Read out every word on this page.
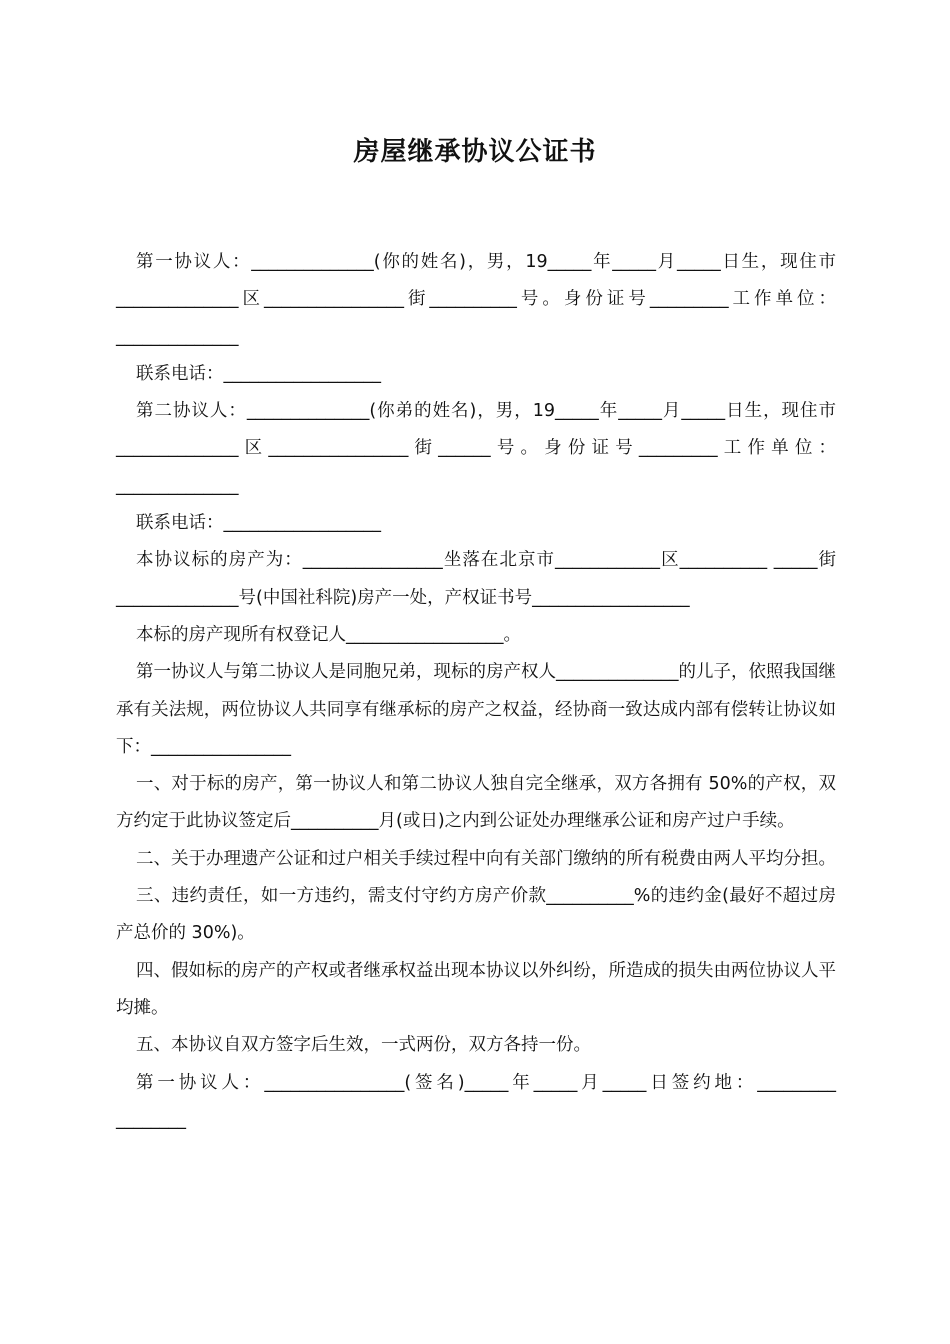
房屋继承协议公证书

第一协议人：______________(你的姓名)，男，19_____年_____月_____日生，现住市______________区________________街__________号。身份证号_________工作单位：______________

联系电话：__________________

第二协议人：______________(你弟的姓名)，男，19_____年_____月_____日生，现住市______________区________________街______号。身份证号_________工作单位：______________

联系电话：__________________

本协议标的房产为：________________坐落在北京市____________区__________ _____街______________号(中国社科院)房产一处，产权证书号__________________

本标的房产现所有权登记人__________________。

第一协议人与第二协议人是同胞兄弟，现标的房产权人______________的儿子，依照我国继承有关法规，两位协议人共同享有继承标的房产之权益，经协商一致达成内部有偿转让协议如下：________________

一、对于标的房产，第一协议人和第二协议人独自完全继承，双方各拥有 50%的产权，双方约定于此协议签定后__________月(或日)之内到公证处办理继承公证和房产过户手续。

二、关于办理遗产公证和过户相关手续过程中向有关部门缴纳的所有税费由两人平均分担。

三、违约责任，如一方违约，需支付守约方房产价款__________%的违约金(最好不超过房产总价的 30%)。

四、假如标的房产的产权或者继承权益出现本协议以外纠纷，所造成的损失由两位协议人平均摊。

五、本协议自双方签字后生效，一式两份，双方各持一份。

第一协议人：________________(签名)_____年_____月_____日签约地：_________ ________
